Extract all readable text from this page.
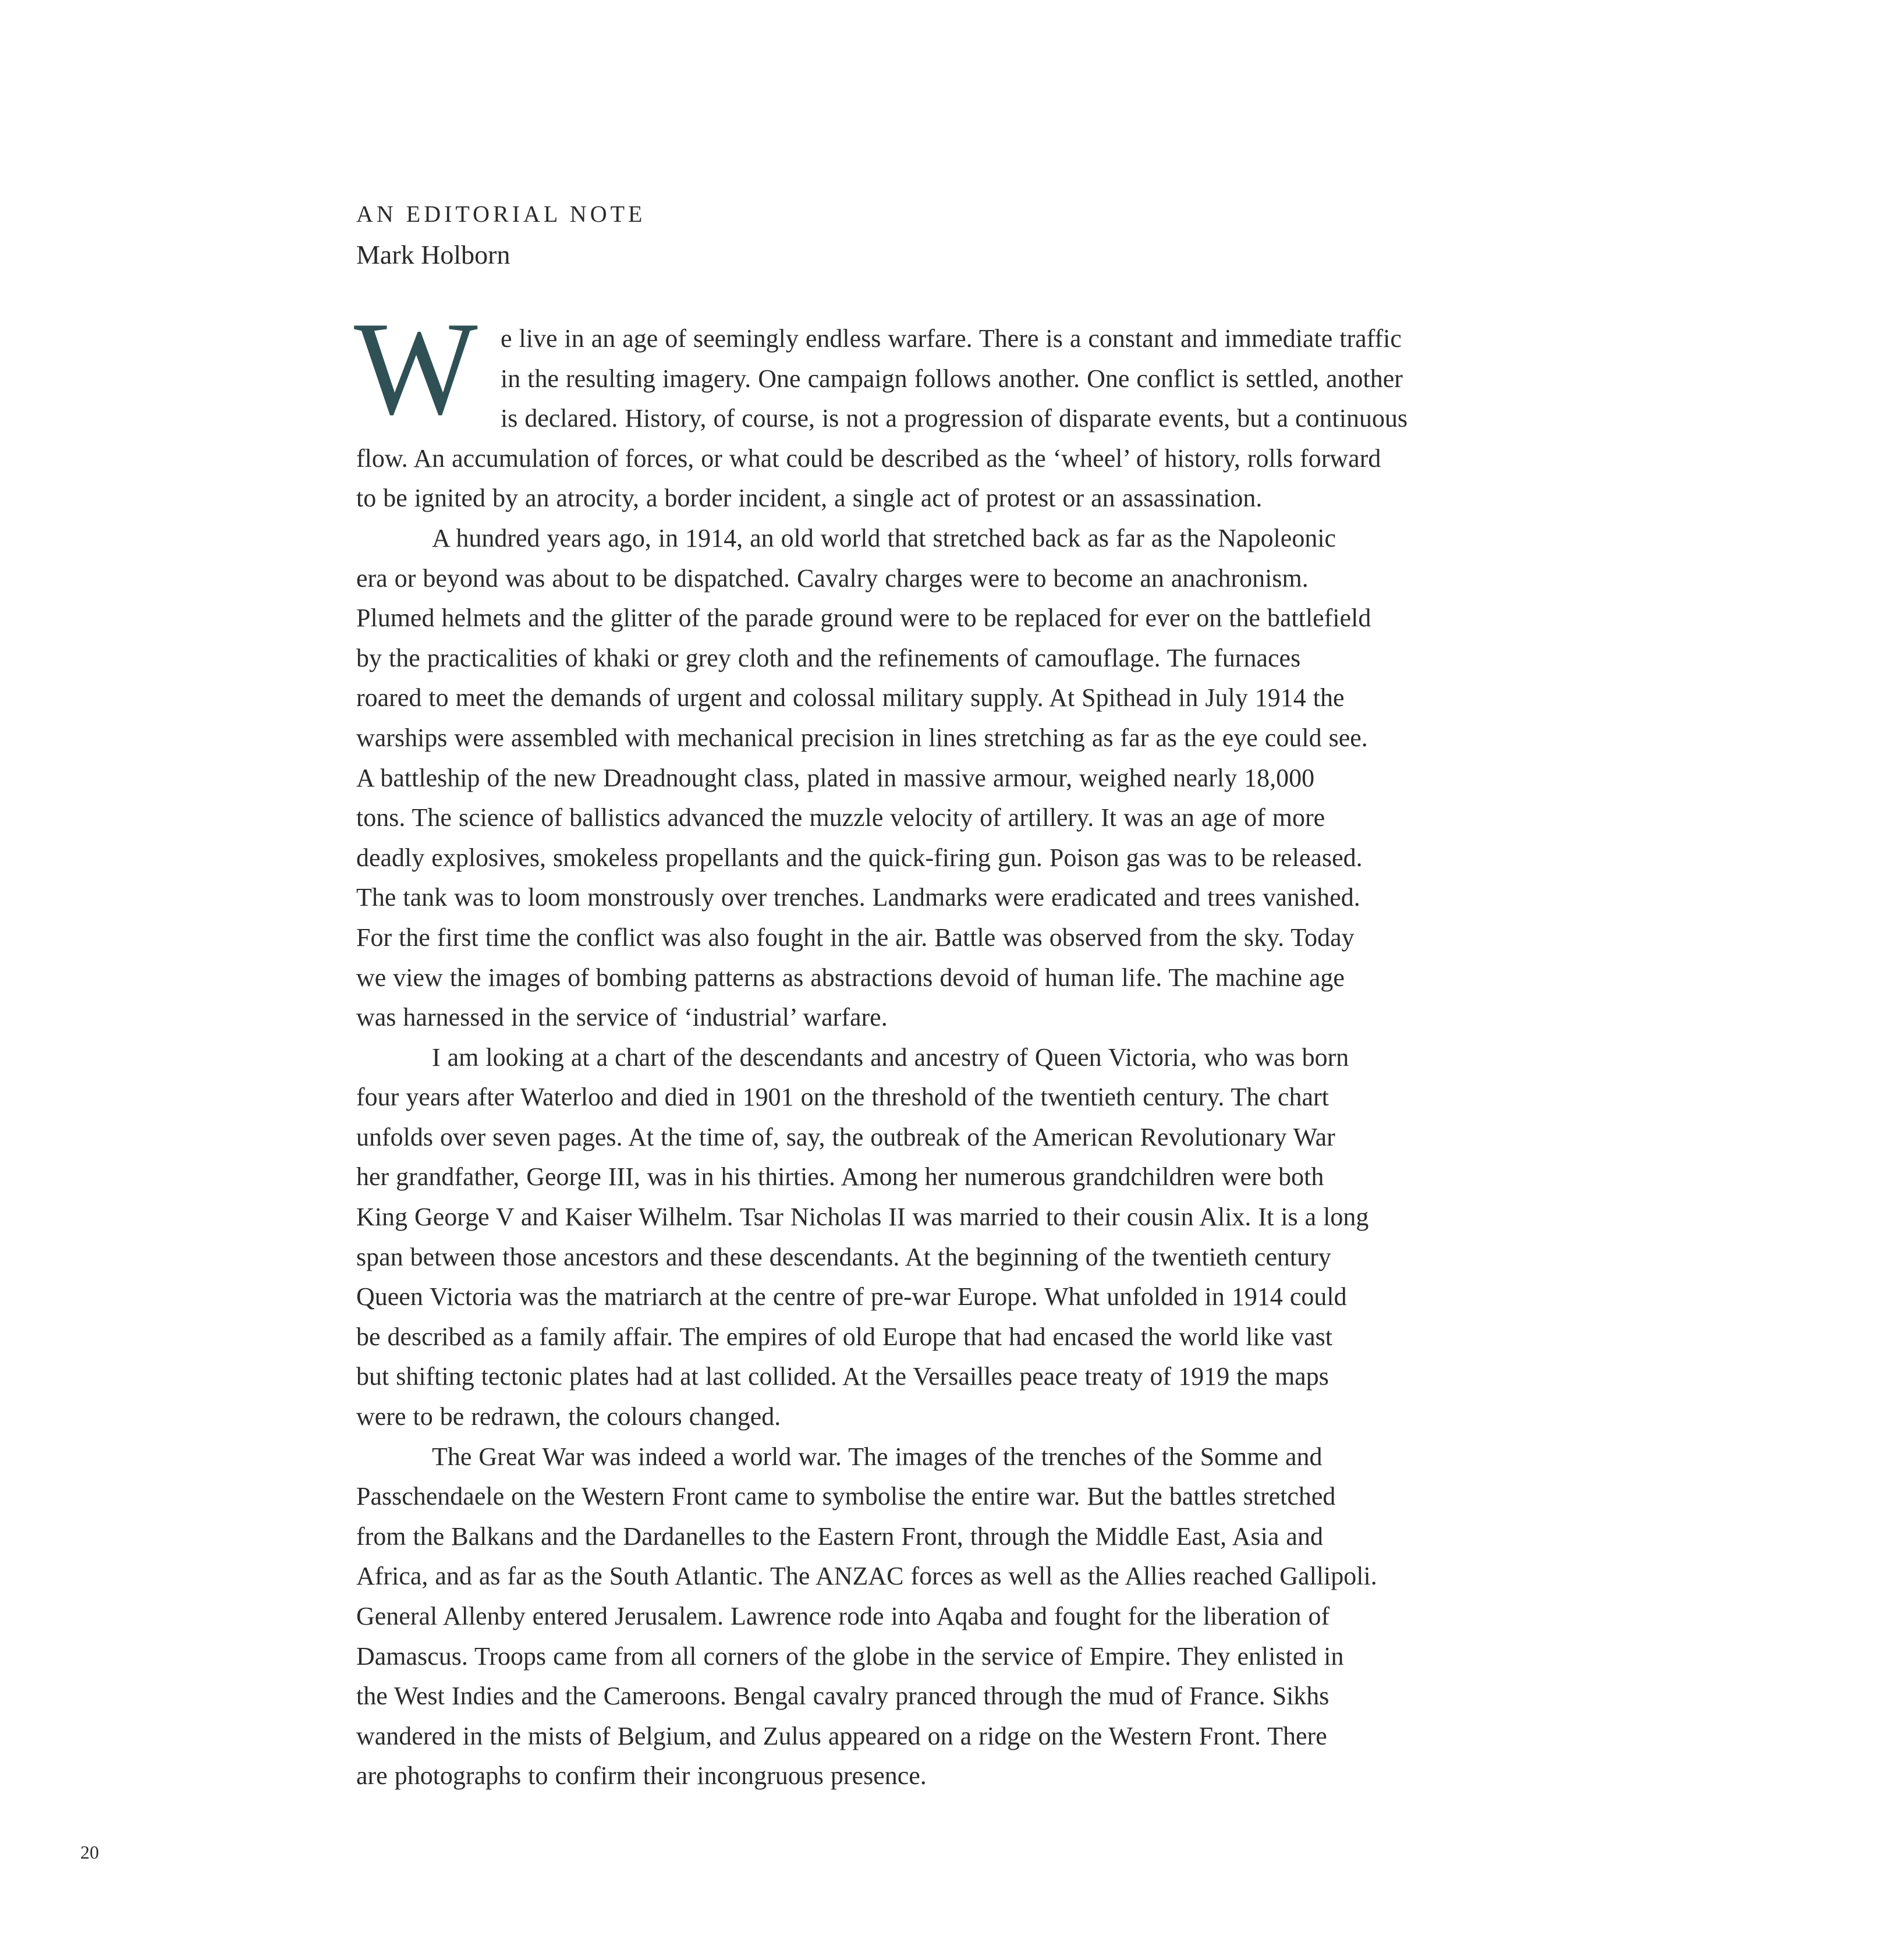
AN EDITORIAL NOTE
Mark Holborn
W e live in an age of seemingly endless warfare. There is a constant and immediate traffic
in the resulting imagery. One campaign follows another. One conflict is settled, another
is declared. History, of course, is not a progression of disparate events, but a continuous
flow. An accumulation of forces, or what could be described as the ‘wheel’ of history, rolls forward
to be ignited by an atrocity, a border incident, a single act of protest or an assassination.
A hundred years ago, in 1914, an old world that stretched back as far as the Napoleonic
era or beyond was about to be dispatched. Cavalry charges were to become an anachronism.
Plumed helmets and the glitter of the parade ground were to be replaced for ever on the battlefield
by the practicalities of khaki or grey cloth and the refinements of camouflage. The furnaces
roared to meet the demands of urgent and colossal military supply. At Spithead in July 1914 the
warships were assembled with mechanical precision in lines stretching as far as the eye could see.
A battleship of the new Dreadnought class, plated in massive armour, weighed nearly 18,000
tons. The science of ballistics advanced the muzzle velocity of artillery. It was an age of more
deadly explosives, smokeless propellants and the quick-firing gun. Poison gas was to be released.
The tank was to loom monstrously over trenches. Landmarks were eradicated and trees vanished.
For the first time the conflict was also fought in the air. Battle was observed from the sky. Today
we view the images of bombing patterns as abstractions devoid of human life. The machine age
was harnessed in the service of ‘industrial’ warfare.
I am looking at a chart of the descendants and ancestry of Queen Victoria, who was born
four years after Waterloo and died in 1901 on the threshold of the twentieth century. The chart
unfolds over seven pages. At the time of, say, the outbreak of the American Revolutionary War
her grandfather, George III, was in his thirties. Among her numerous grandchildren were both
King George V and Kaiser Wilhelm. Tsar Nicholas II was married to their cousin Alix. It is a long
span between those ancestors and these descendants. At the beginning of the twentieth century
Queen Victoria was the matriarch at the centre of pre-war Europe. What unfolded in 1914 could
be described as a family affair. The empires of old Europe that had encased the world like vast
but shifting tectonic plates had at last collided. At the Versailles peace treaty of 1919 the maps
were to be redrawn, the colours changed.
The Great War was indeed a world war. The images of the trenches of the Somme and
Passchendaele on the Western Front came to symbolise the entire war. But the battles stretched
from the Balkans and the Dardanelles to the Eastern Front, through the Middle East, Asia and
Africa, and as far as the South Atlantic. The ANZAC forces as well as the Allies reached Gallipoli.
General Allenby entered Jerusalem. Lawrence rode into Aqaba and fought for the liberation of
Damascus. Troops came from all corners of the globe in the service of Empire. They enlisted in
the West Indies and the Cameroons. Bengal cavalry pranced through the mud of France. Sikhs
wandered in the mists of Belgium, and Zulus appeared on a ridge on the Western Front. There
are photographs to confirm their incongruous presence.
20
